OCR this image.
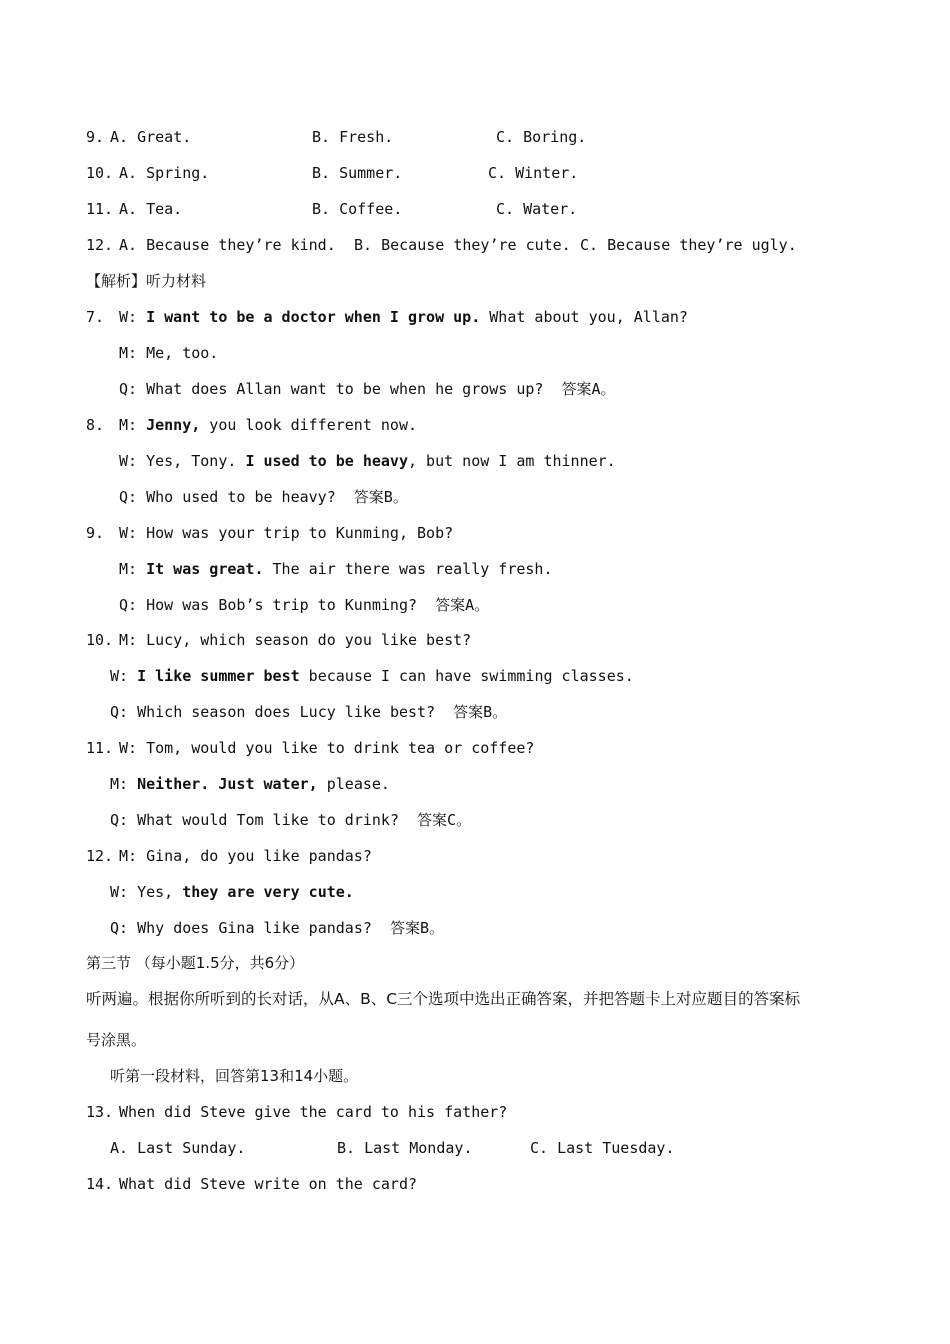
9. A. Great.	B. Fresh.	C. Boring.
10. A. Spring.	B. Summer.	C. Winter.
11. A. Tea.	B. Coffee.	C. Water.
12. A. Because they’re kind. B. Because they’re cute. C. Because they’re ugly.
【解析】听力材料
7. W: I want to be a doctor when I grow up. What about you, Allan?
M: Me, too.
Q: What does Allan want to be when he grows up?  答案A。
8. M: Jenny, you look different now.
W: Yes, Tony. I used to be heavy, but now I am thinner.
Q: Who used to be heavy?  答案B。
9. W: How was your trip to Kunming, Bob?
M: It was great. The air there was really fresh.
Q: How was Bob’s trip to Kunming?  答案A。
10. M: Lucy, which season do you like best?
W: I like summer best because I can have swimming classes.
Q: Which season does Lucy like best?  答案B。
11. W: Tom, would you like to drink tea or coffee?
M: Neither. Just water, please.
Q: What would Tom like to drink?  答案C。
12. M: Gina, do you like pandas?
W: Yes, they are very cute.
Q: Why does Gina like pandas?  答案B。
第三节 （每小题1.5分，共6分）
听两遍。根据你所听到的长对话，从A、B、C三个选项中选出正确答案，并把答题卡上对应题目的答案标
号涂黑。
听第一段材料，回答第13和14小题。
13. When did Steve give the card to his father?
A. Last Sunday.	B. Last Monday.	C. Last Tuesday.
14. What did Steve write on the card?
